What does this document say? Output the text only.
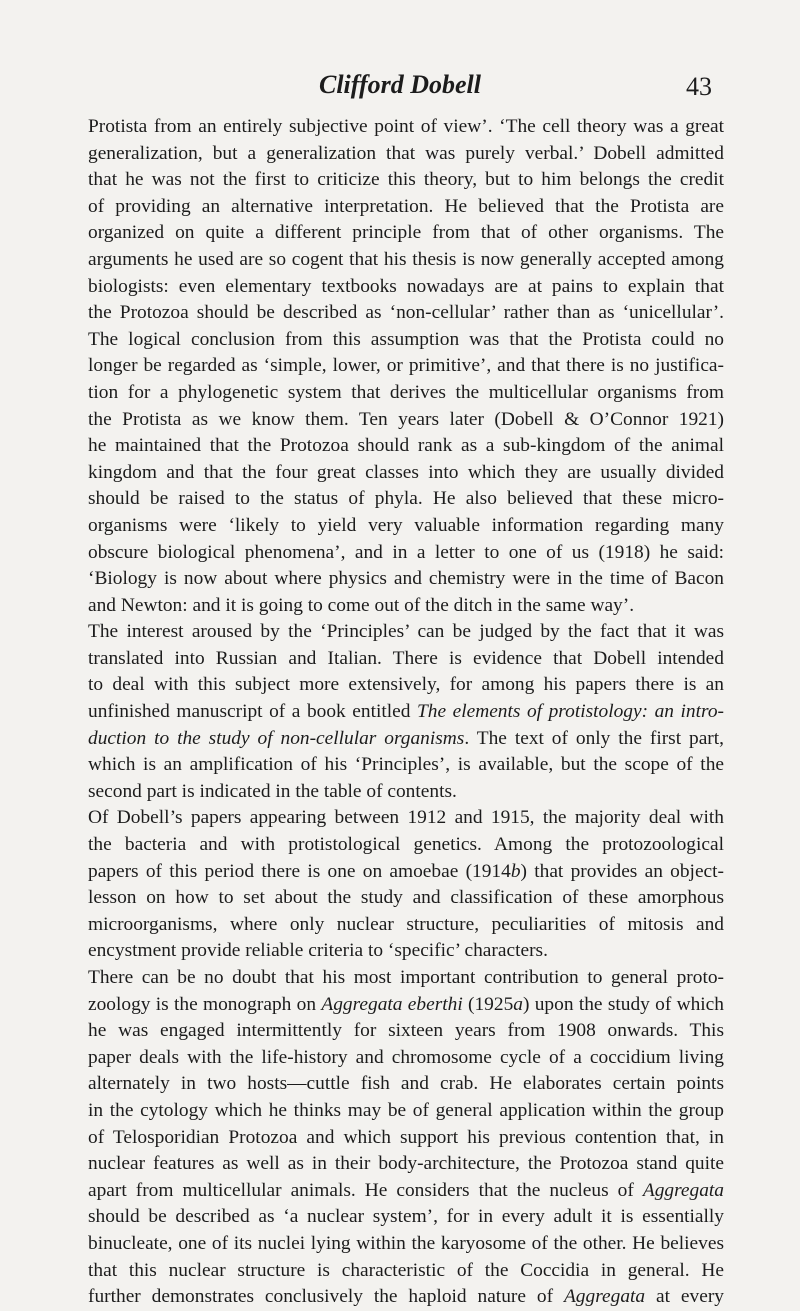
Clifford Dobell	43
Protista from an entirely subjective point of view’. ‘The cell theory was a great
generalization, but a generalization that was purely verbal.’ Dobell admitted
that he was not the first to criticize this theory, but to him belongs the credit
of providing an alternative interpretation. He believed that the Protista are
organized on quite a different principle from that of other organisms. The
arguments he used are so cogent that his thesis is now generally accepted among
biologists: even elementary textbooks nowadays are at pains to explain that
the Protozoa should be described as ‘non-cellular’ rather than as ‘unicellular’.
The logical conclusion from this assumption was that the Protista could no
longer be regarded as ‘simple, lower, or primitive’, and that there is no justifica-
tion for a phylogenetic system that derives the multicellular organisms from
the Protista as we know them. Ten years later (Dobell & O’Connor 1921)
he maintained that the Protozoa should rank as a sub-kingdom of the animal
kingdom and that the four great classes into which they are usually divided
should be raised to the status of phyla. He also believed that these micro-
organisms were ‘likely to yield very valuable information regarding many
obscure biological phenomena’, and in a letter to one of us (1918) he said:
‘Biology is now about where physics and chemistry were in the time of Bacon
and Newton: and it is going to come out of the ditch in the same way’.
The interest aroused by the ‘Principles’ can be judged by the fact that it was
translated into Russian and Italian. There is evidence that Dobell intended
to deal with this subject more extensively, for among his papers there is an
unfinished manuscript of a book entitled The elements of protistology: an intro-
duction to the study of non-cellular organisms. The text of only the first part,
which is an amplification of his ‘Principles’, is available, but the scope of the
second part is indicated in the table of contents.
Of Dobell’s papers appearing between 1912 and 1915, the majority deal with
the bacteria and with protistological genetics. Among the protozoological
papers of this period there is one on amoebae (1914b) that provides an object-
lesson on how to set about the study and classification of these amorphous
microorganisms, where only nuclear structure, peculiarities of mitosis and
encystment provide reliable criteria to ‘specific’ characters.
There can be no doubt that his most important contribution to general proto-
zoology is the monograph on Aggregata eberthi (1925a) upon the study of which
he was engaged intermittently for sixteen years from 1908 onwards. This
paper deals with the life-history and chromosome cycle of a coccidium living
alternately in two hosts—cuttle fish and crab. He elaborates certain points
in the cytology which he thinks may be of general application within the group
of Telosporidian Protozoa and which support his previous contention that, in
nuclear features as well as in their body-architecture, the Protozoa stand quite
apart from multicellular animals. He considers that the nucleus of Aggregata
should be described as ‘a nuclear system’, for in every adult it is essentially
binucleate, one of its nuclei lying within the karyosome of the other. He believes
that this nuclear structure is characteristic of the Coccidia in general. He
further demonstrates conclusively the haploid nature of Aggregata at every
